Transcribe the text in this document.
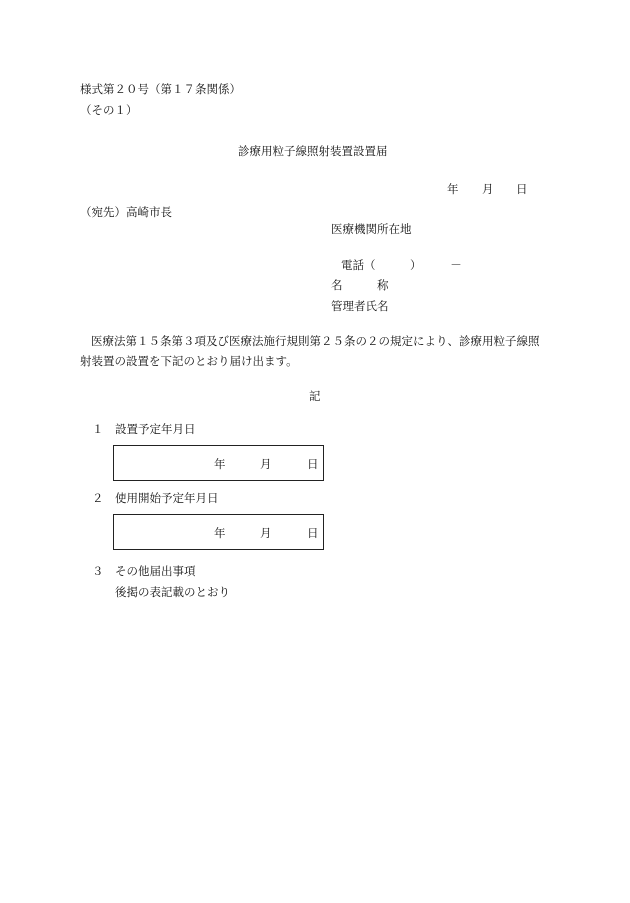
様式第２０号（第１７条関係）
（その１）
診療用粒子線照射装置設置届
年 月 日
（宛先）高崎市長
医療機関所在地
電話（　　　）　　　－
名　　　称
管理者氏名
医療法第１５条第３項及び医療法施行規則第２５条の２の規定により、診療用粒子線照
射装置の設置を下記のとおり届け出ます。
記
１ 設置予定年月日
年	月	日
２ 使用開始予定年月日
年	月	日
３ その他届出事項
後掲の表記載のとおり
